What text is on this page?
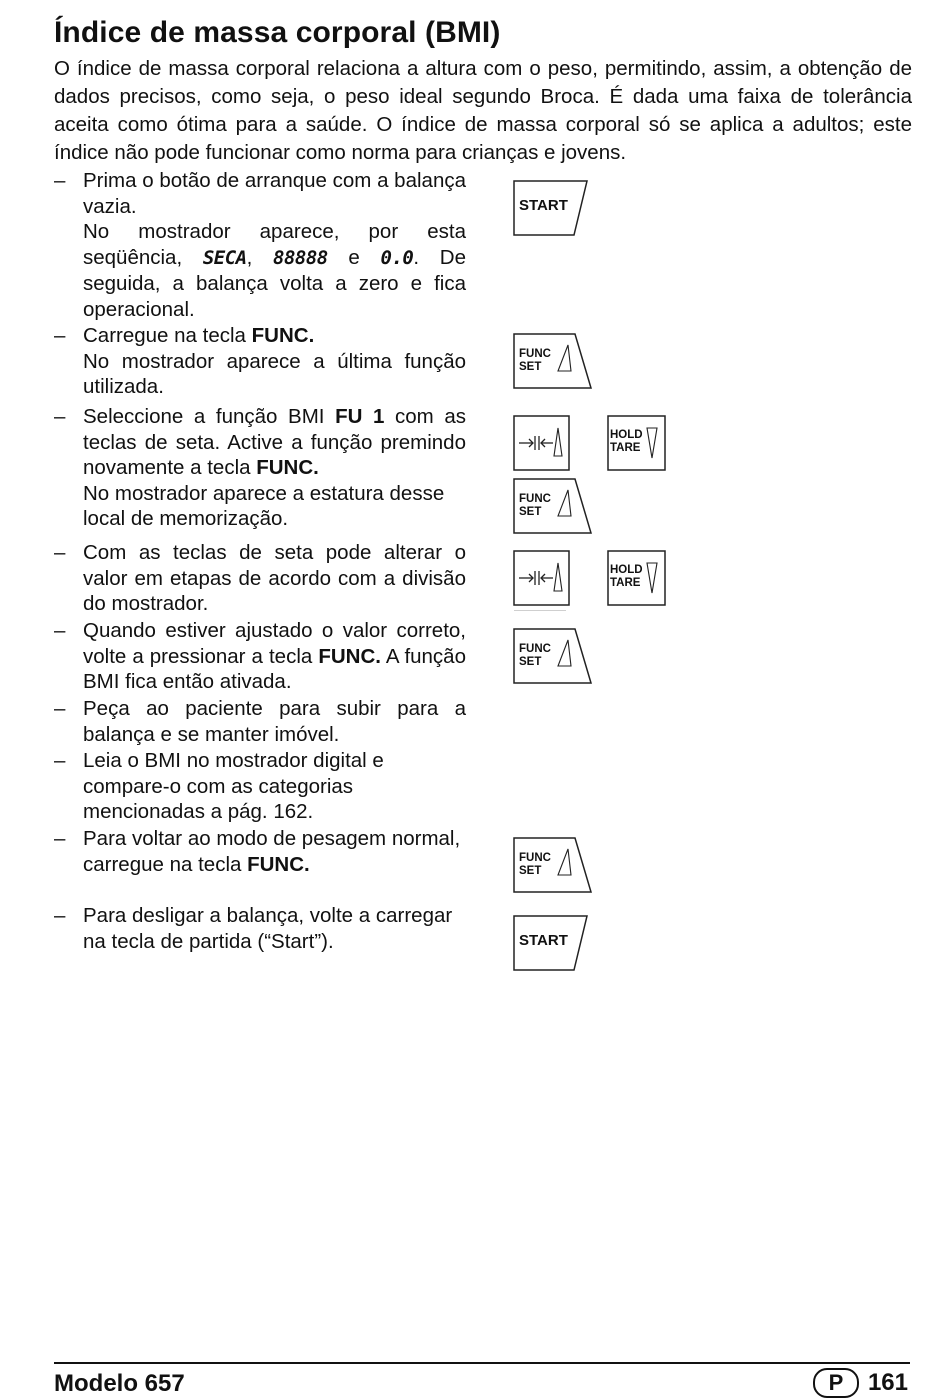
Índice de massa corporal (BMI)

O índice de massa corporal relaciona a altura com o peso, permitindo, assim, a obtenção de dados precisos, como seja, o peso ideal segundo Broca. É dada uma faixa de tolerância aceita como ótima para a saúde. O índice de massa corporal só se aplica a adultos; este índice não pode funcionar como norma para crianças e jovens.

– Prima o botão de arranque com a balança vazia.

No mostrador aparece, por esta seqüência, SECA, 88888 e 0.0. De seguida, a balança volta a zero e fica operacional.

– Carregue na tecla FUNC.

No mostrador aparece a última função utilizada.

– Seleccione a função BMI FU 1 com as teclas de seta. Active a função premindo novamente a tecla FUNC.

No mostrador aparece a estatura desse local de memorização.

– Com as teclas de seta pode alterar o valor em etapas de acordo com a divisão do mostrador.

– Quando estiver ajustado o valor correto, volte a pressionar a tecla FUNC. A função BMI fica então ativada.

– Peça ao paciente para subir para a balança e se manter imóvel.

– Leia o BMI no mostrador digital e compare-o com as categorias mencionadas a pág. 162.

– Para voltar ao modo de pesagem normal, carregue na tecla FUNC.

– Para desligar a balança, volte a carregar na tecla de partida (“Start”).

START
FUNC
SET
HOLD
TARE
FUNC
SET
HOLD
TARE
FUNC
SET
FUNC
SET
START
Modelo 657	P	161
